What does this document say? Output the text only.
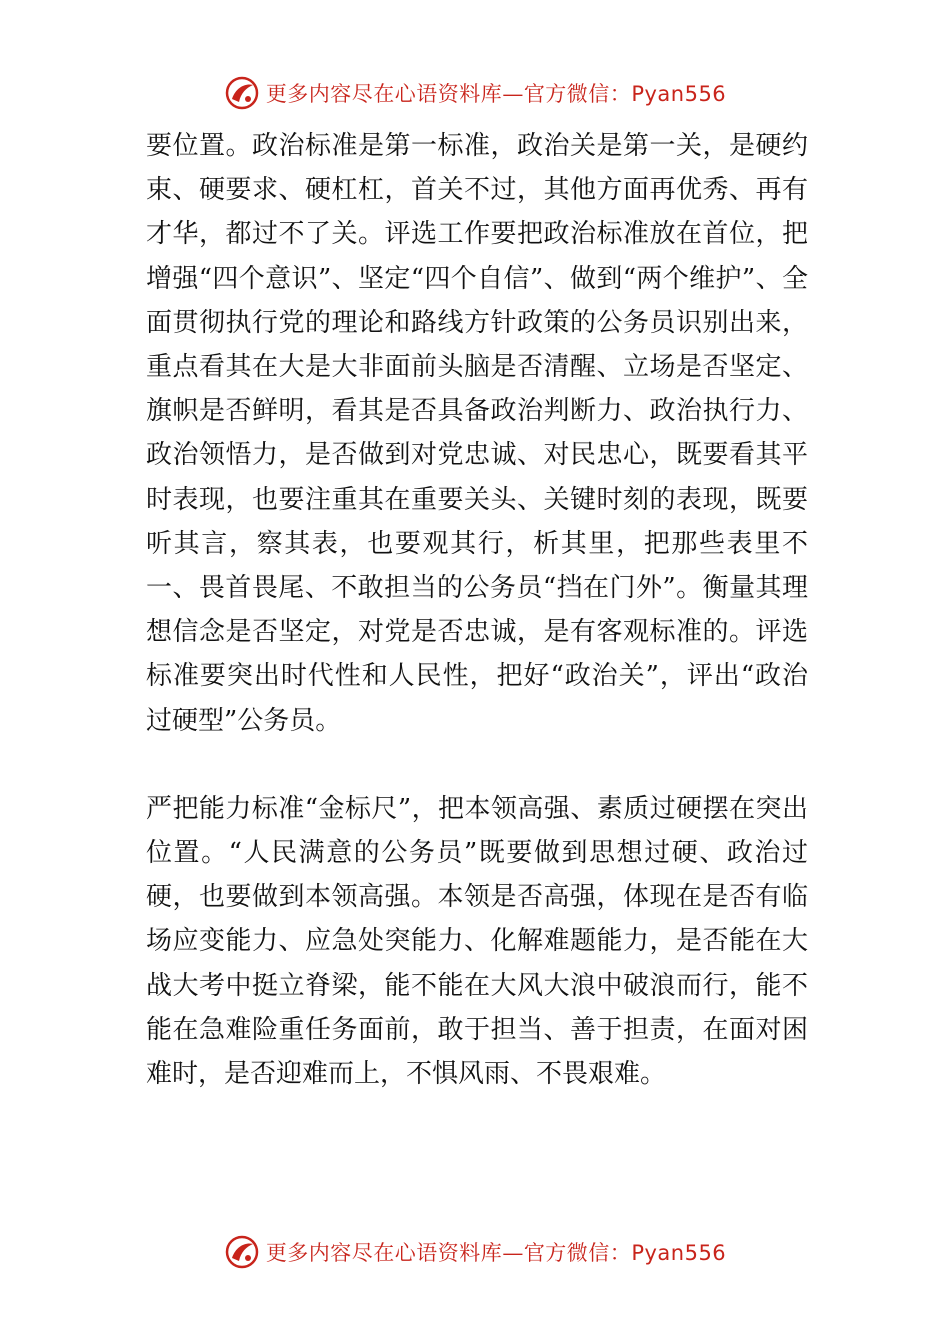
更多内容尽在心语资料库—官方微信：Pyan556

要位置。政治标准是第一标准，政治关是第一关，是硬约束、硬要求、硬杠杠，首关不过，其他方面再优秀、再有才华，都过不了关。评选工作要把政治标准放在首位，把增强“四个意识”、坚定“四个自信”、做到“两个维护”、全面贯彻执行党的理论和路线方针政策的公务员识别出来，重点看其在大是大非面前头脑是否清醒、立场是否坚定、旗帜是否鲜明，看其是否具备政治判断力、政治执行力、政治领悟力，是否做到对党忠诚、对民忠心，既要看其平时表现，也要注重其在重要关头、关键时刻的表现，既要听其言，察其表，也要观其行，析其里，把那些表里不一、畏首畏尾、不敢担当的公务员“挡在门外”。衡量其理想信念是否坚定，对党是否忠诚，是有客观标准的。评选标准要突出时代性和人民性，把好“政治关”，评出“政治过硬型”公务员。

严把能力标准“金标尺”，把本领高强、素质过硬摆在突出位置。“人民满意的公务员”既要做到思想过硬、政治过硬，也要做到本领高强。本领是否高强，体现在是否有临场应变能力、应急处突能力、化解难题能力，是否能在大战大考中挺立脊梁，能不能在大风大浪中破浪而行，能不能在急难险重任务面前，敢于担当、善于担责，在面对困难时，是否迎难而上，不惧风雨、不畏艰难。

更多内容尽在心语资料库—官方微信：Pyan556
